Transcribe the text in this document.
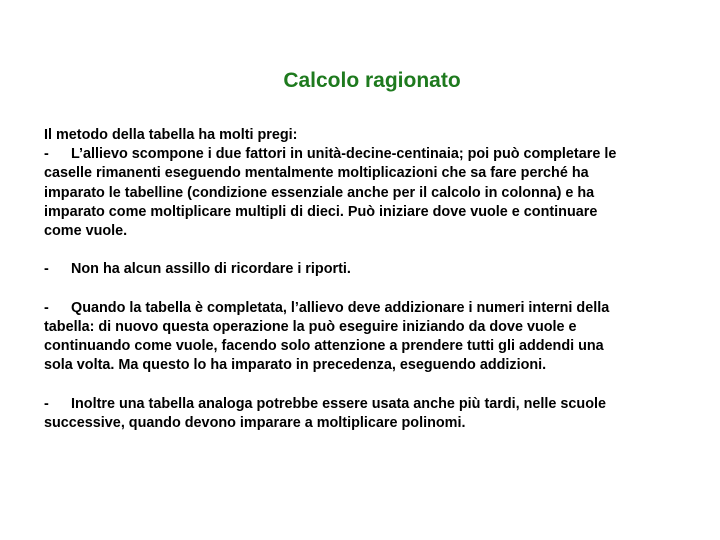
Calcolo ragionato
Il metodo della tabella ha molti pregi:
- L’allievo scompone i due fattori in unità-decine-centinaia; poi può completare le
caselle rimanenti eseguendo mentalmente moltiplicazioni che sa fare perché ha
imparato le tabelline (condizione essenziale anche per il calcolo in colonna) e ha
imparato come moltiplicare multipli di dieci. Può iniziare dove vuole e continuare
come vuole.
- Non ha alcun assillo di ricordare i riporti.
- Quando la tabella è completata, l’allievo deve addizionare i numeri interni della
tabella: di nuovo questa operazione la può eseguire iniziando da dove vuole e
continuando come vuole, facendo solo attenzione a prendere tutti gli addendi una
sola volta. Ma questo lo ha imparato in precedenza, eseguendo addizioni.
- Inoltre una tabella analoga potrebbe essere usata anche più tardi, nelle scuole
successive, quando devono imparare a moltiplicare polinomi.
